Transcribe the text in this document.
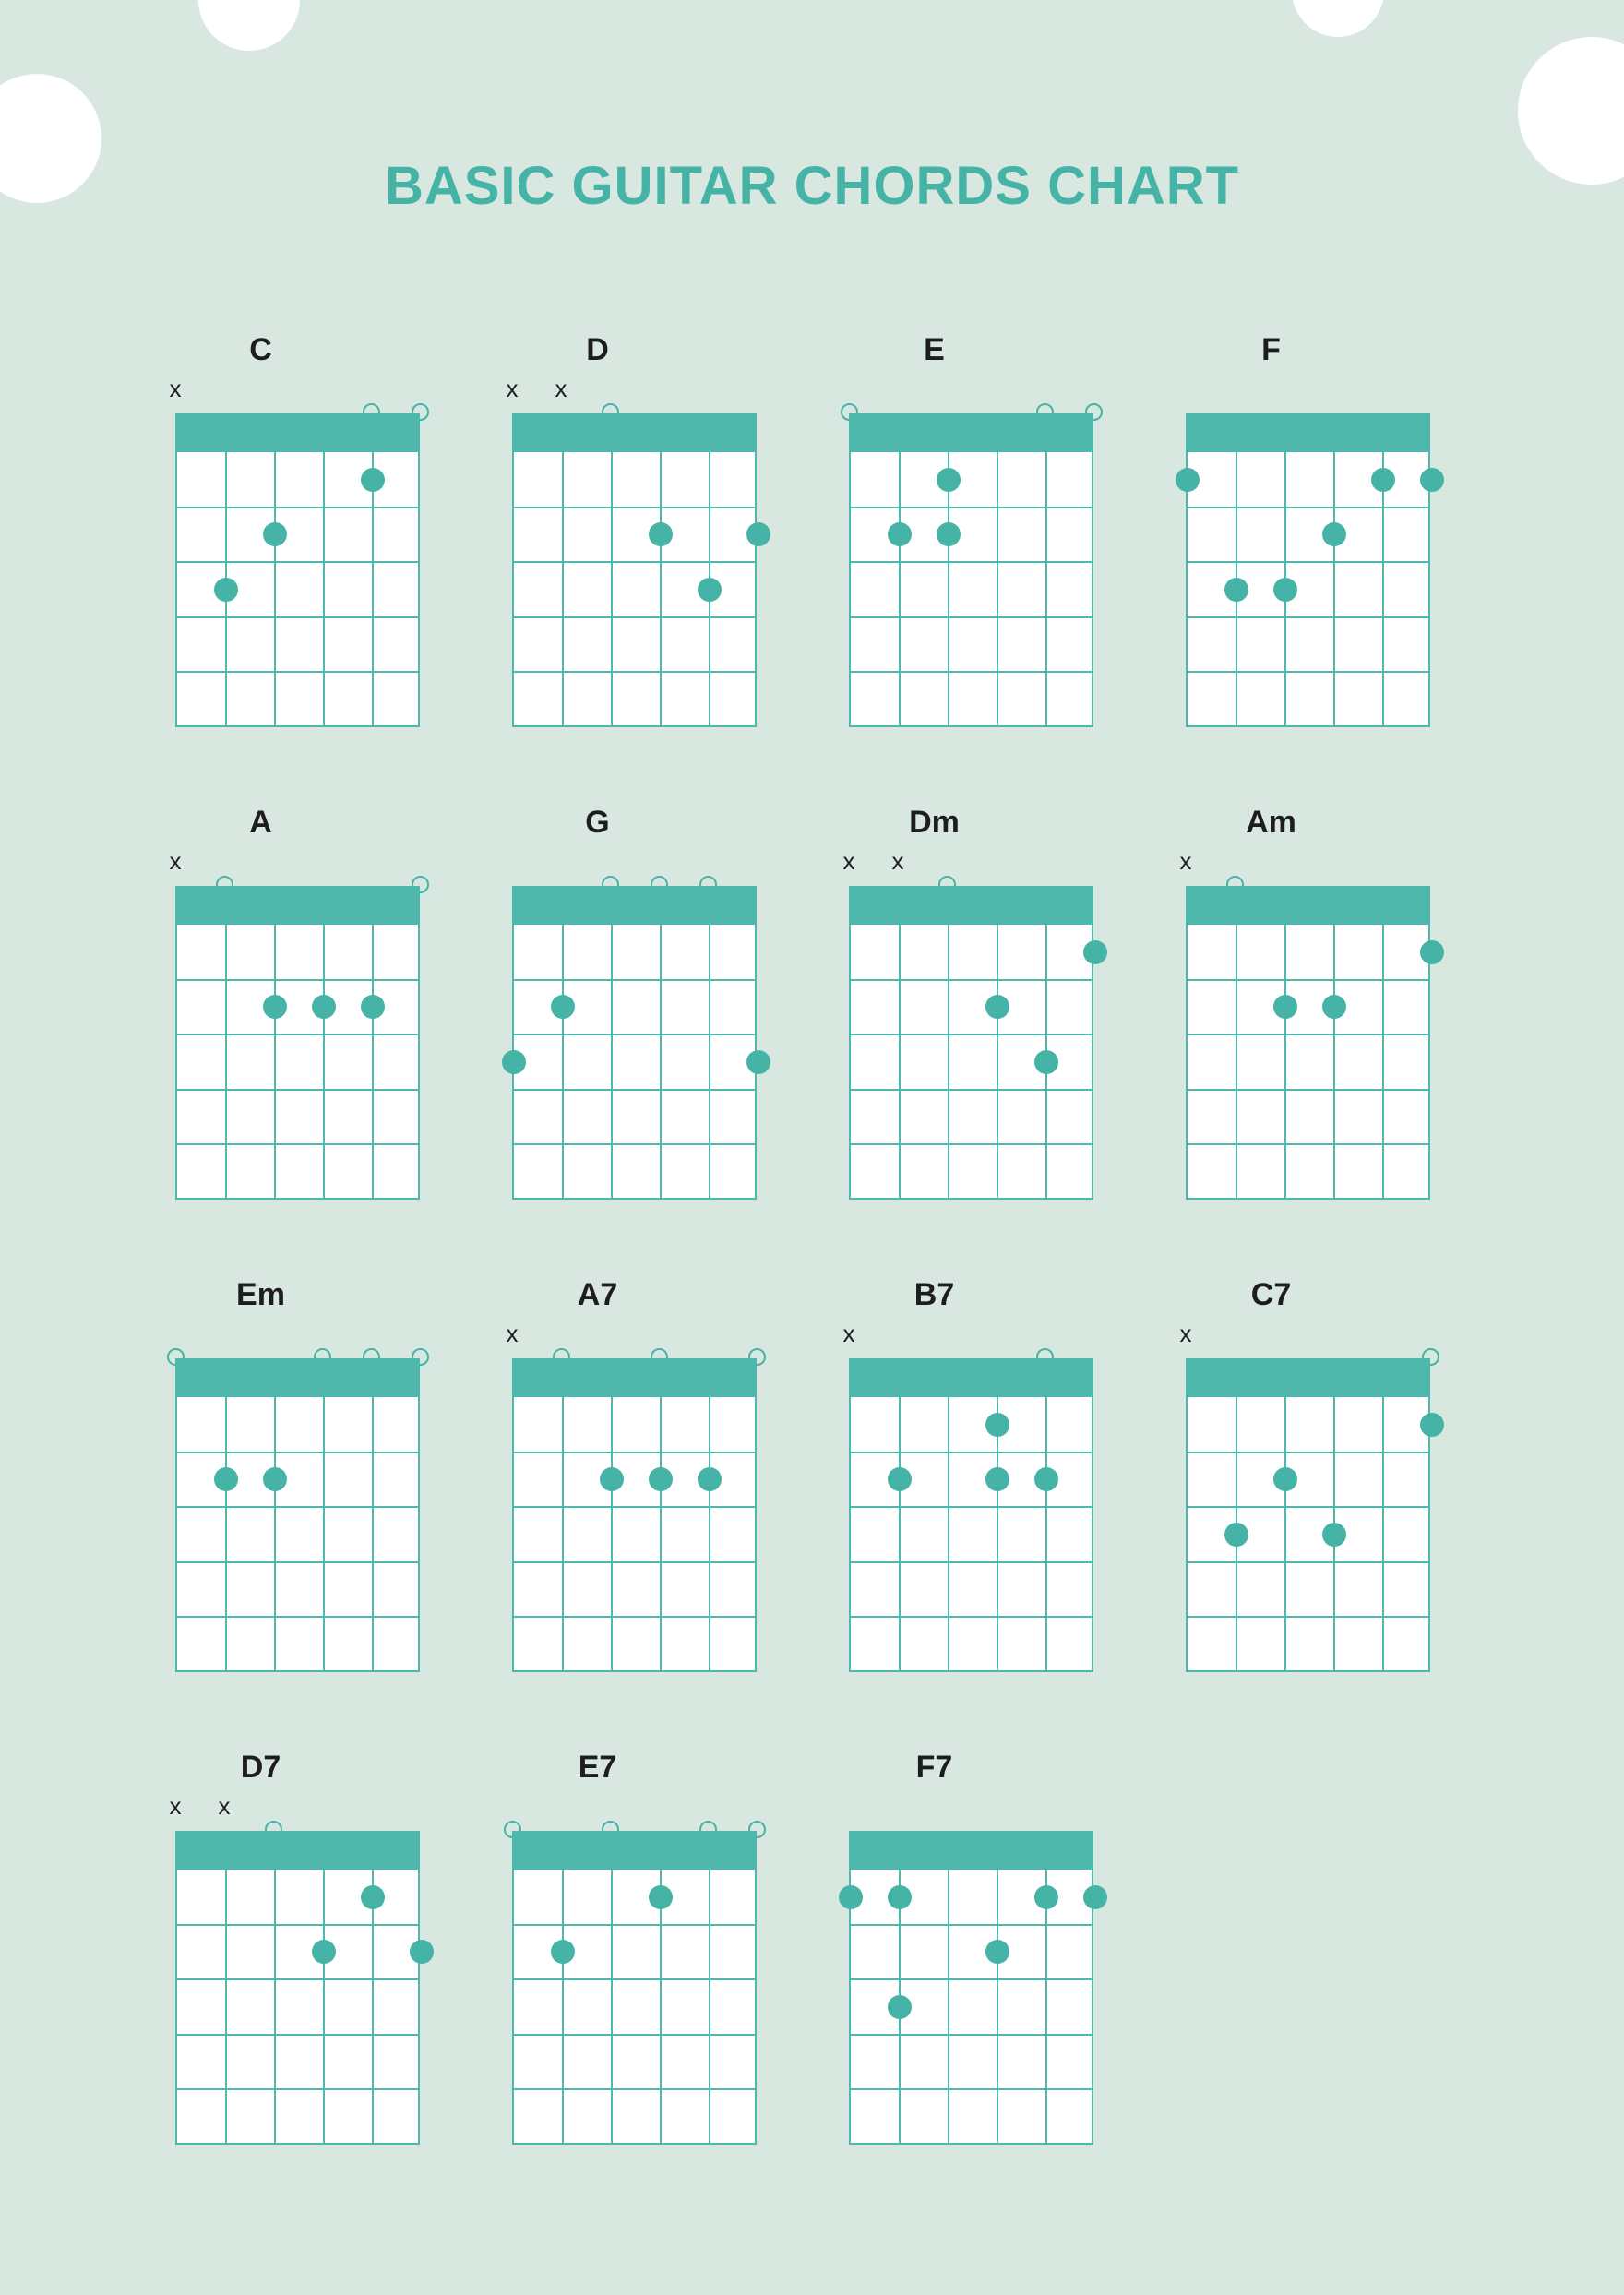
BASIC GUITAR CHORDS CHART
C
x
D
x x
E	F
A
x
G	Dm
x x
Am
x
Em	A7
x
B7
x
C7
x
D7
x x
E7	F7
